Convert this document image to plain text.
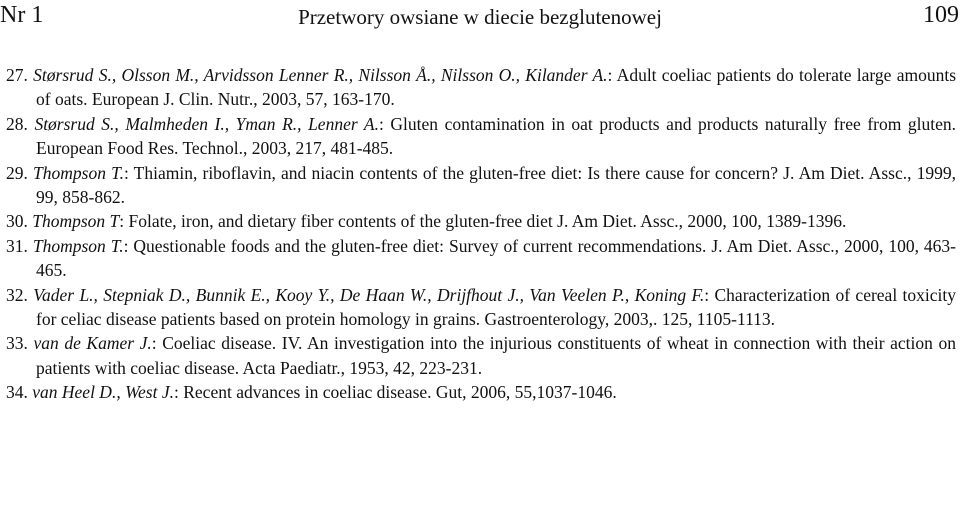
Nr 1	Przetwory owsiane w diecie bezglutenowej	109
27. Størsrud S., Olsson M., Arvidsson Lenner R., Nilsson Å., Nilsson O., Kilander A.: Adult coeliac patients do tolerate large amounts of oats. European J. Clin. Nutr., 2003, 57, 163-170.
28. Størsrud S., Malmheden I., Yman R., Lenner A.: Gluten contamination in oat products and products naturally free from gluten. European Food Res. Technol., 2003, 217, 481-485.
29. Thompson T.: Thiamin, riboflavin, and niacin contents of the gluten-free diet: Is there cause for concern? J. Am Diet. Assc., 1999, 99, 858-862.
30. Thompson T: Folate, iron, and dietary fiber contents of the gluten-free diet J. Am Diet. Assc., 2000, 100, 1389-1396.
31. Thompson T.: Questionable foods and the gluten-free diet: Survey of current recommendations. J. Am Diet. Assc., 2000, 100, 463-465.
32. Vader L., Stepniak D., Bunnik E., Kooy Y., De Haan W., Drijfhout J., Van Veelen P., Koning F.: Characterization of cereal toxicity for celiac disease patients based on protein homology in grains. Gastroenterology, 2003,. 125, 1105-1113.
33. van de Kamer J.: Coeliac disease. IV. An investigation into the injurious constituents of wheat in connection with their action on patients with coeliac disease. Acta Paediatr., 1953, 42, 223-231.
34. van Heel D., West J.: Recent advances in coeliac disease. Gut, 2006, 55,1037-1046.
